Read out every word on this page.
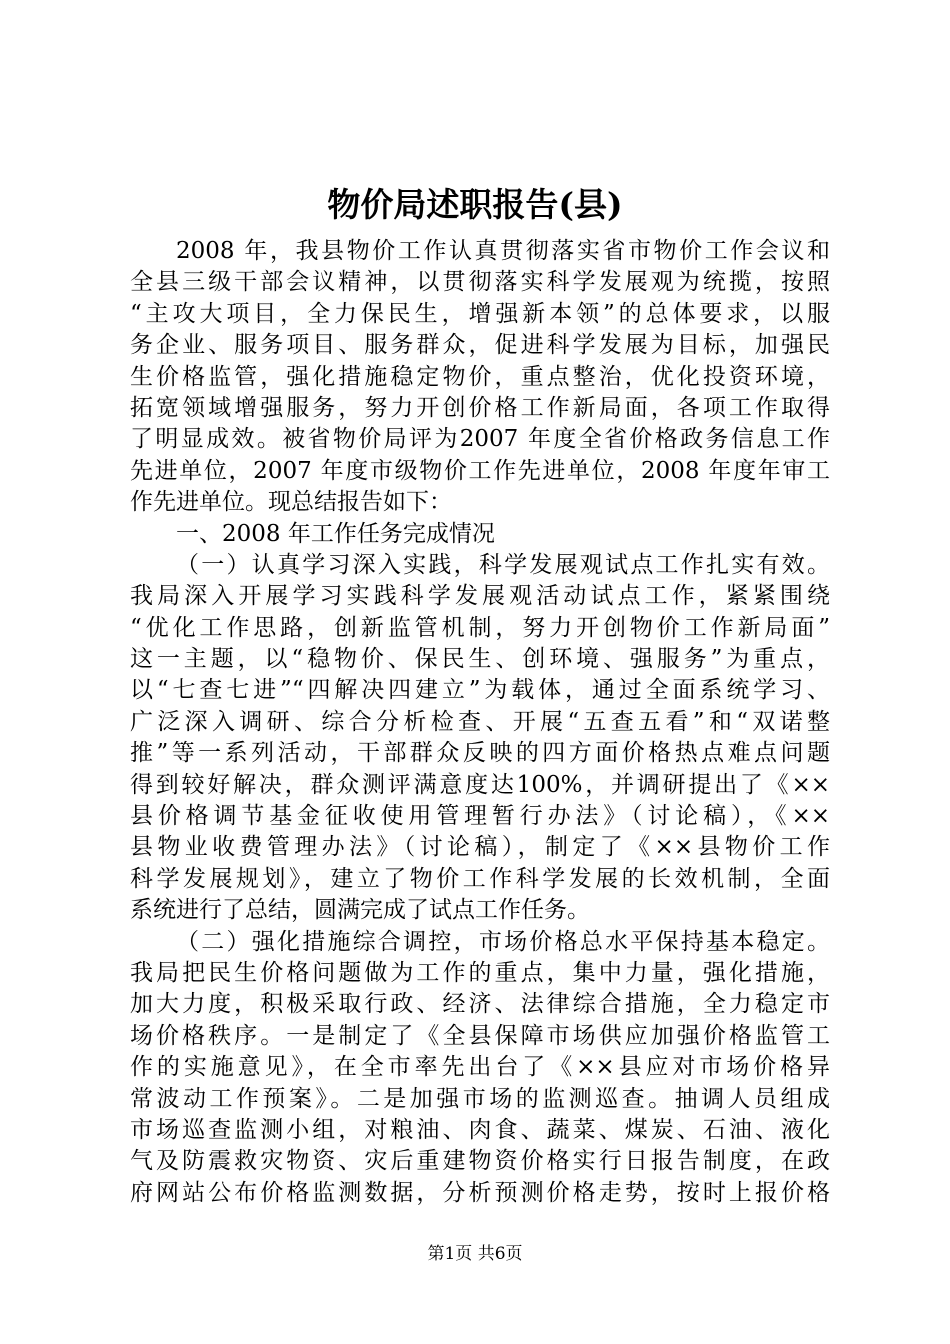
物价局述职报告(县)
2008 年，我县物价工作认真贯彻落实省市物价工作会议和
全县三级干部会议精神，以贯彻落实科学发展观为统揽，按照
“主攻大项目，全力保民生，增强新本领”的总体要求，以服
务企业、服务项目、服务群众，促进科学发展为目标，加强民
生价格监管，强化措施稳定物价，重点整治，优化投资环境，
拓宽领域增强服务，努力开创价格工作新局面，各项工作取得
了明显成效。被省物价局评为2007 年度全省价格政务信息工作
先进单位，2007 年度市级物价工作先进单位，2008 年度年审工
作先进单位。现总结报告如下：
一、2008 年工作任务完成情况
（一）认真学习深入实践，科学发展观试点工作扎实有效。
我局深入开展学习实践科学发展观活动试点工作，紧紧围绕
“优化工作思路，创新监管机制，努力开创物价工作新局面”
这一主题，以“稳物价、保民生、创环境、强服务”为重点，
以“七查七进”“四解决四建立”为载体，通过全面系统学习、
广泛深入调研、综合分析检查、开展“五查五看”和“双诺整
推”等一系列活动，干部群众反映的四方面价格热点难点问题
得到较好解决，群众测评满意度达100%，并调研提出了《××
县价格调节基金征收使用管理暂行办法》（讨论稿），《××
县物业收费管理办法》（讨论稿），制定了《××县物价工作
科学发展规划》，建立了物价工作科学发展的长效机制，全面
系统进行了总结，圆满完成了试点工作任务。
（二）强化措施综合调控，市场价格总水平保持基本稳定。
我局把民生价格问题做为工作的重点，集中力量，强化措施，
加大力度，积极采取行政、经济、法律综合措施，全力稳定市
场价格秩序。一是制定了《全县保障市场供应加强价格监管工
作的实施意见》，在全市率先出台了《××县应对市场价格异
常波动工作预案》。二是加强市场的监测巡查。抽调人员组成
市场巡查监测小组，对粮油、肉食、蔬菜、煤炭、石油、液化
气及防震救灾物资、灾后重建物资价格实行日报告制度，在政
府网站公布价格监测数据，分析预测价格走势，按时上报价格
第1页 共6页
